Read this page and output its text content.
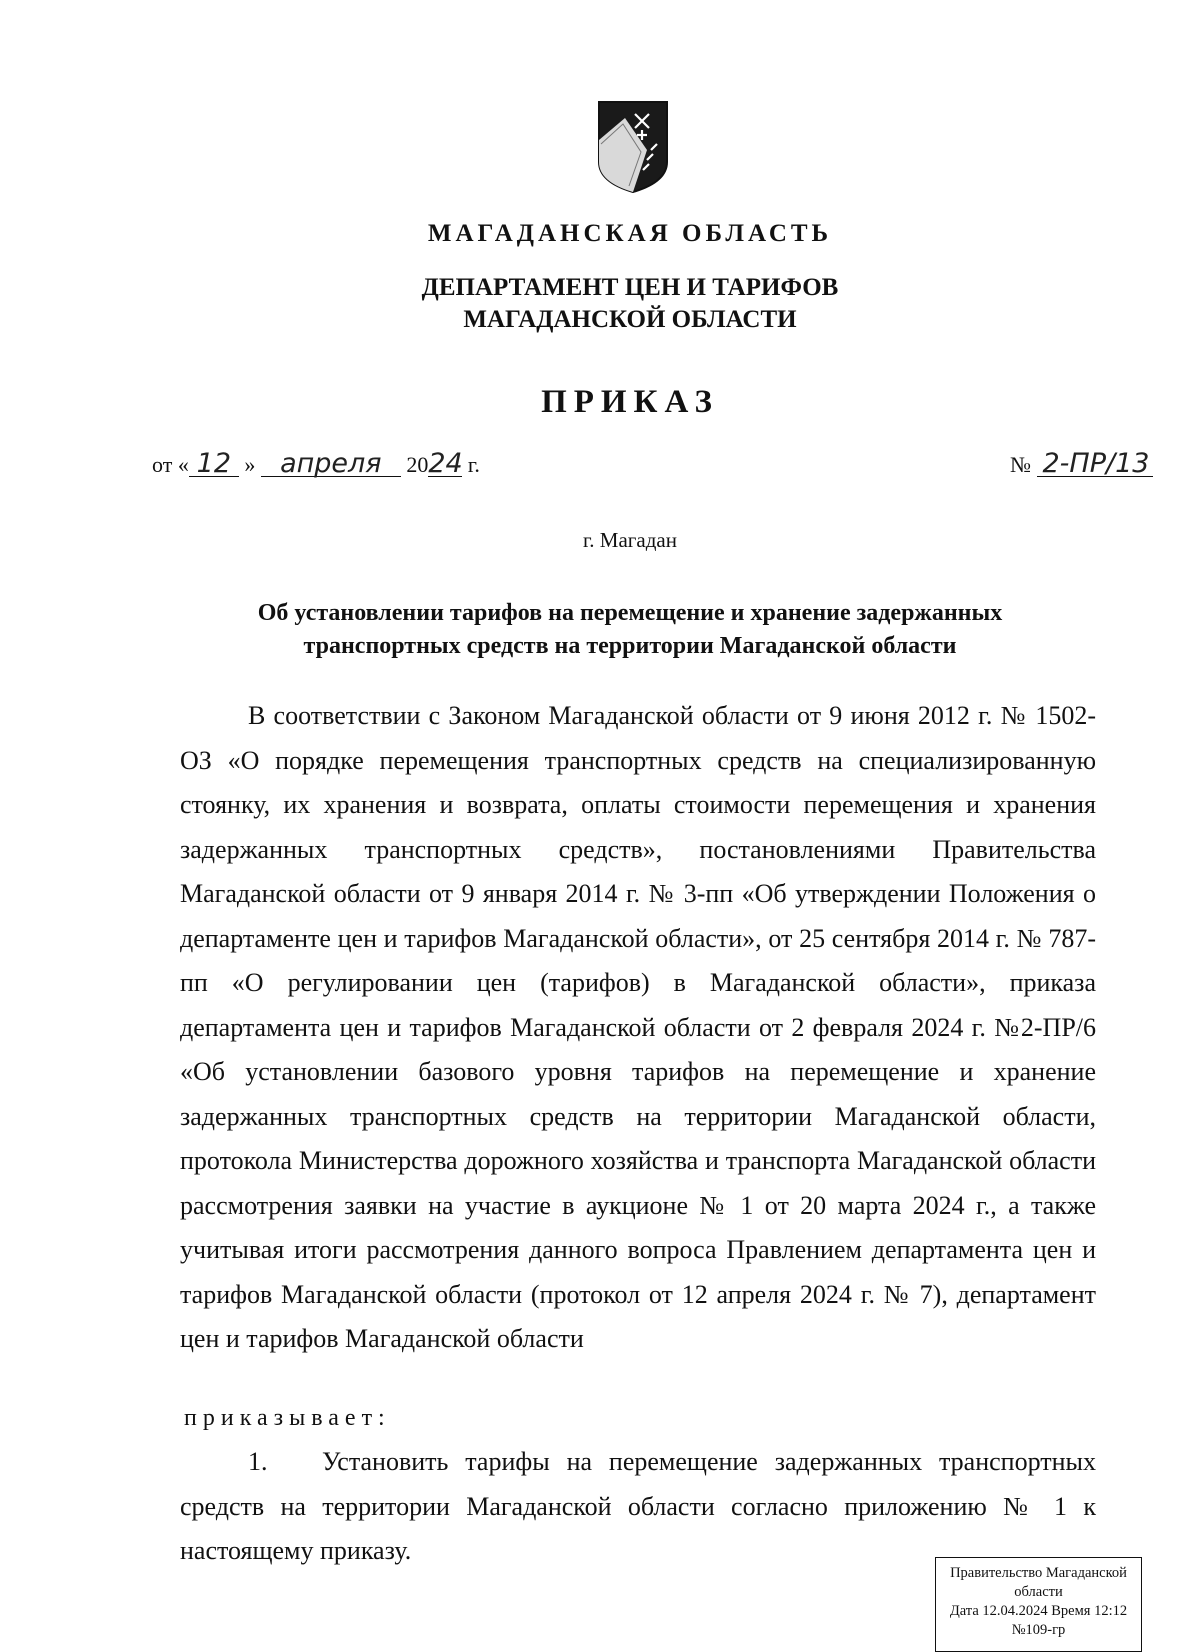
МАГАДАНСКАЯ ОБЛАСТЬ
ДЕПАРТАМЕНТ ЦЕН И ТАРИФОВ
МАГАДАНСКОЙ ОБЛАСТИ
ПРИКАЗ
от « 12 » апреля 2024 г.	№ 2-ПР/13
г. Магадан
Об установлении тарифов на перемещение и хранение задержанных
транспортных средств на территории Магаданской области

В соответствии с Законом Магаданской области от 9 июня 2012 г. № 1502-ОЗ «О порядке перемещения транспортных средств на специализированную стоянку, их хранения и возврата, оплаты стоимости перемещения и хранения задержанных транспортных средств», постановлениями Правительства Магаданской области от 9 января 2014 г. № 3-пп «Об утверждении Положения о департаменте цен и тарифов Магаданской области», от 25 сентября 2014 г. № 787-пп «О регулировании цен (тарифов) в Магаданской области», приказа департамента цен и тарифов Магаданской области от 2 февраля 2024 г. №2-ПР/6 «Об установлении базового уровня тарифов на перемещение и хранение задержанных транспортных средств на территории Магаданской области, протокола Министерства дорожного хозяйства и транспорта Магаданской области рассмотрения заявки на участие в аукционе № 1 от 20 марта 2024 г., а также учитывая итоги рассмотрения данного вопроса Правлением департамента цен и тарифов Магаданской области (протокол от 12 апреля 2024 г. № 7), департамент цен и тарифов Магаданской области

приказывает:

1. Установить тарифы на перемещение задержанных транспортных средств на территории Магаданской области согласно приложению № 1 к настоящему приказу.

Правительство Магаданской
области
Дата 12.04.2024 Время 12:12
№109-гр
